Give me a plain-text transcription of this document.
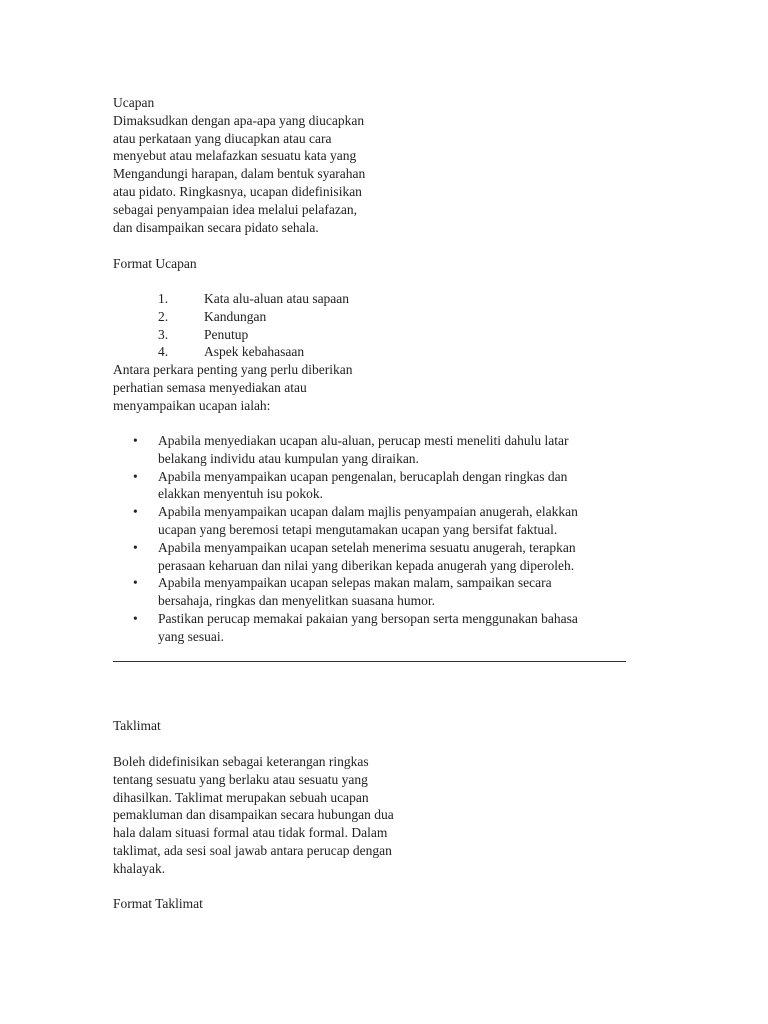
Ucapan
Dimaksudkan dengan apa-apa yang diucapkan
atau perkataan yang diucapkan atau cara
menyebut atau melafazkan sesuatu kata yang
Mengandungi harapan, dalam bentuk syarahan
atau pidato. Ringkasnya, ucapan didefinisikan
sebagai penyampaian idea melalui pelafazan,
dan disampaikan secara pidato sehala.
Format Ucapan
1.	Kata alu-aluan atau sapaan
2.	Kandungan
3.	Penutup
4.	Aspek kebahasaan
Antara perkara penting yang perlu diberikan
perhatian semasa menyediakan atau
menyampaikan ucapan ialah:
• Apabila menyediakan ucapan alu-aluan, perucap mesti meneliti dahulu latar
belakang individu atau kumpulan yang diraikan.
• Apabila menyampaikan ucapan pengenalan, berucaplah dengan ringkas dan
elakkan menyentuh isu pokok.
• Apabila menyampaikan ucapan dalam majlis penyampaian anugerah, elakkan
ucapan yang beremosi tetapi mengutamakan ucapan yang bersifat faktual.
• Apabila menyampaikan ucapan setelah menerima sesuatu anugerah, terapkan
perasaan keharuan dan nilai yang diberikan kepada anugerah yang diperoleh.
• Apabila menyampaikan ucapan selepas makan malam, sampaikan secara
bersahaja, ringkas dan menyelitkan suasana humor.
• Pastikan perucap memakai pakaian yang bersopan serta menggunakan bahasa
yang sesuai.
Taklimat
Boleh didefinisikan sebagai keterangan ringkas
tentang sesuatu yang berlaku atau sesuatu yang
dihasilkan. Taklimat merupakan sebuah ucapan
pemakluman dan disampaikan secara hubungan dua
hala dalam situasi formal atau tidak formal. Dalam
taklimat, ada sesi soal jawab antara perucap dengan
khalayak.
Format Taklimat
